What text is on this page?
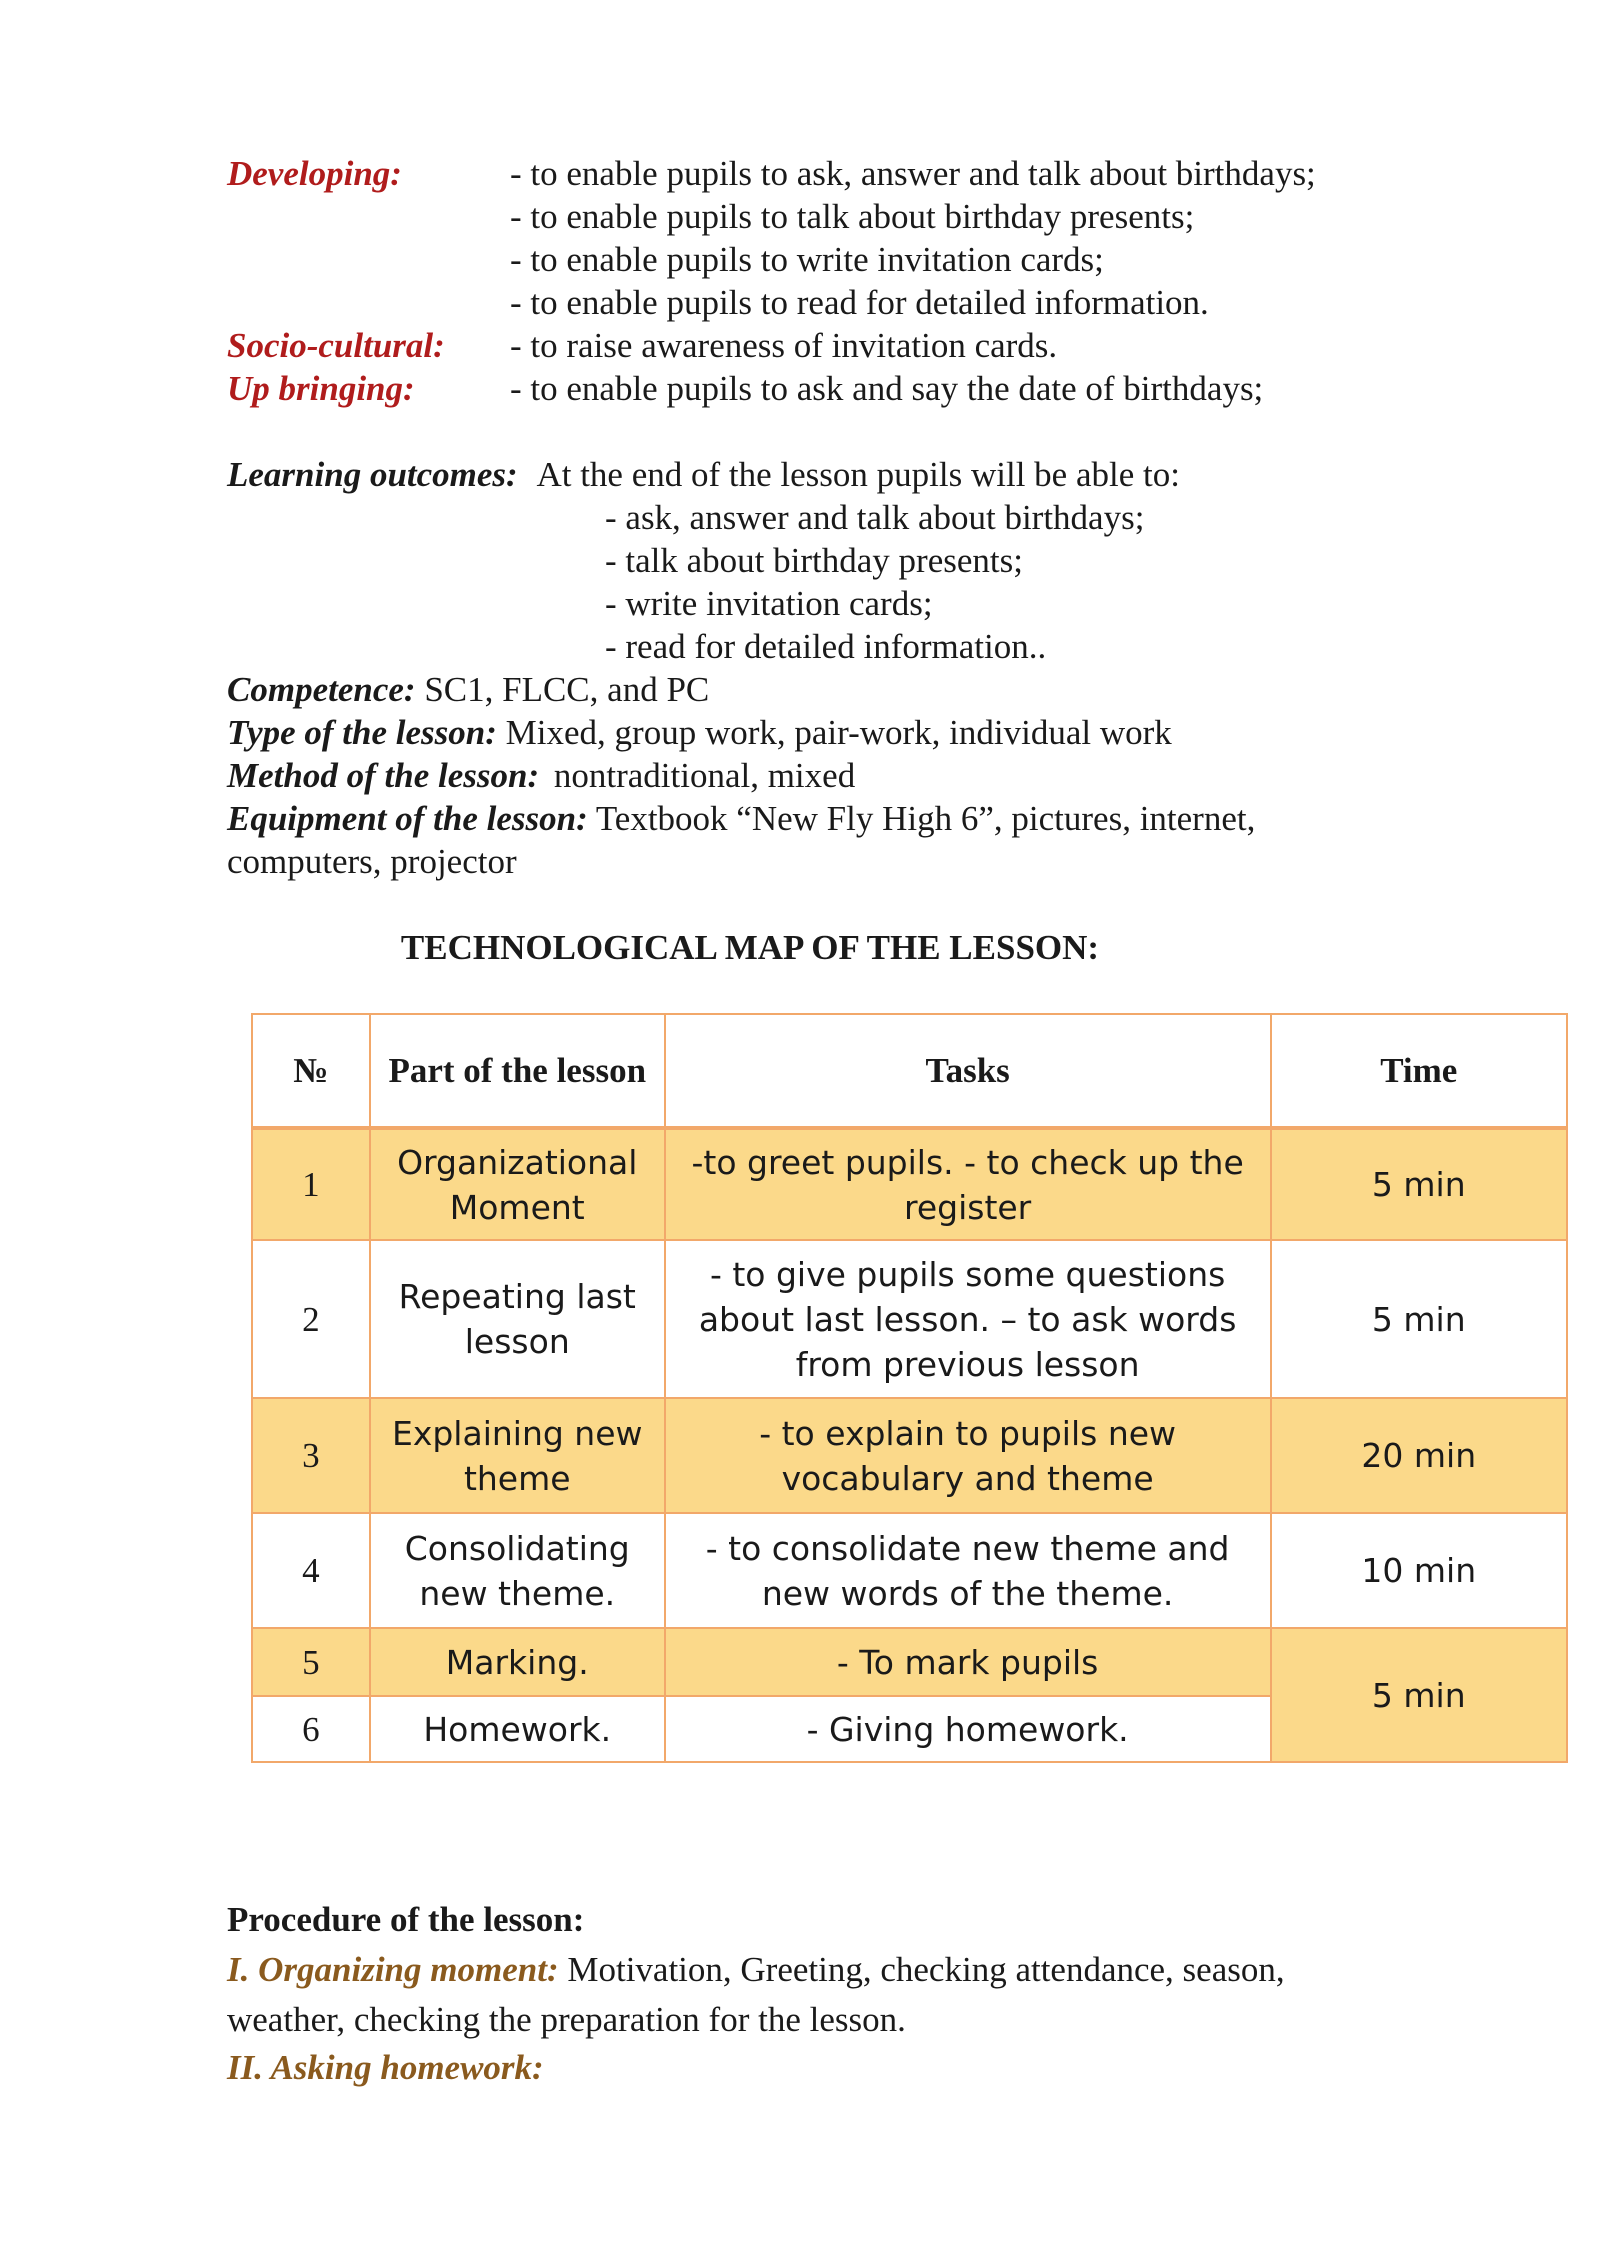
Developing:	- to enable pupils to ask, answer and talk about birthdays;
- to enable pupils to talk about birthday presents;
- to enable pupils to write invitation cards;
- to enable pupils to read for detailed information.
Socio-cultural: - to raise awareness of invitation cards.
Up bringing:	- to enable pupils to ask and say the date of birthdays;
Learning outcomes: At the end of the lesson pupils will be able to:
- ask, answer and talk about birthdays;
- talk about birthday presents;
- write invitation cards;
- read for detailed information..
Competence: SC1, FLCC, and PC
Type of the lesson: Mixed, group work, pair-work, individual work
Method of the lesson: nontraditional, mixed
Equipment of the lesson: Textbook “New Fly High 6”, pictures, internet,
computers, projector
TECHNOLOGICAL MAP OF THE LESSON:
№	Part of the lesson	Tasks	Time
1	Organizational Moment	-to greet pupils. - to check up the register	5 min
2	Repeating last lesson	- to give pupils some questions about last lesson. – to ask words from previous lesson	5 min
3	Explaining new theme	- to explain to pupils new vocabulary and theme	20 min
4	Consolidating new theme.	- to consolidate new theme and new words of the theme.	10 min
5	Marking.	- To mark pupils	5 min
6	Homework.	- Giving homework.	
Procedure of the lesson:
I. Organizing moment: Motivation, Greeting, checking attendance, season,
weather, checking the preparation for the lesson.
II. Asking homework:
